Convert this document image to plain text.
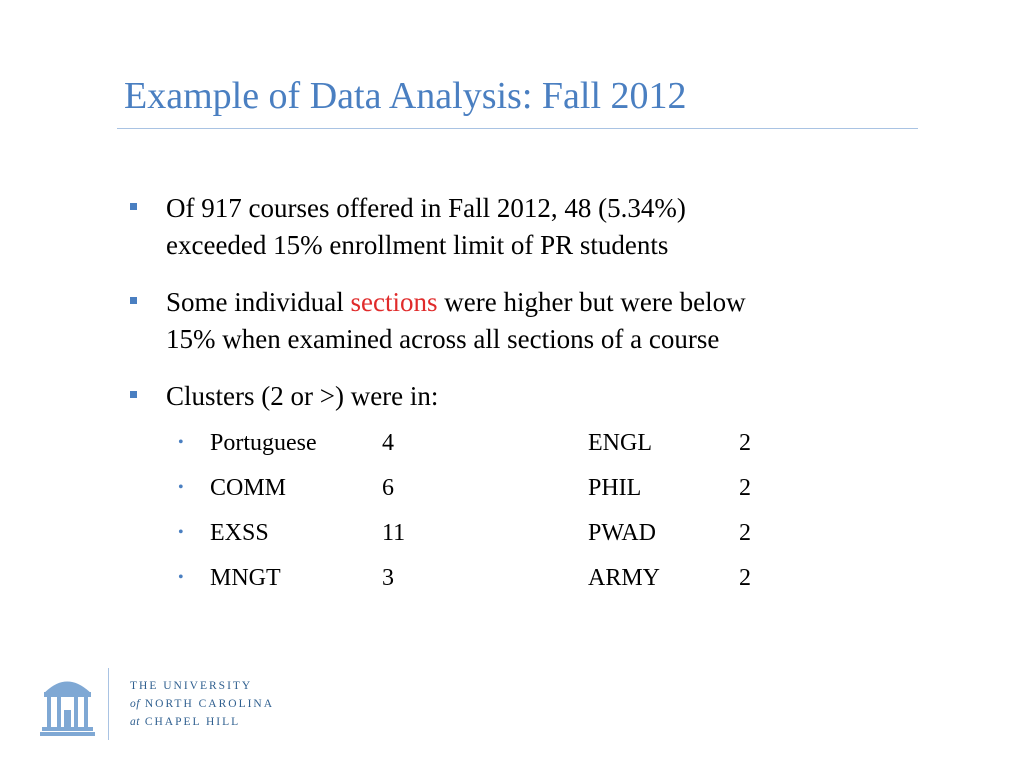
Example of Data Analysis: Fall 2012
Of 917 courses offered in Fall 2012, 48 (5.34%)
exceeded 15% enrollment limit of PR students
Some individual sections were higher but were below
15% when examined across all sections of a course
Clusters (2 or >) were in:
• Portuguese	4	ENGL	2
• COMM	6	PHIL	2
• EXSS	11	PWAD	2
• MNGT	3	ARMY	2
THE UNIVERSITY
of NORTH CAROLINA
at CHAPEL HILL
